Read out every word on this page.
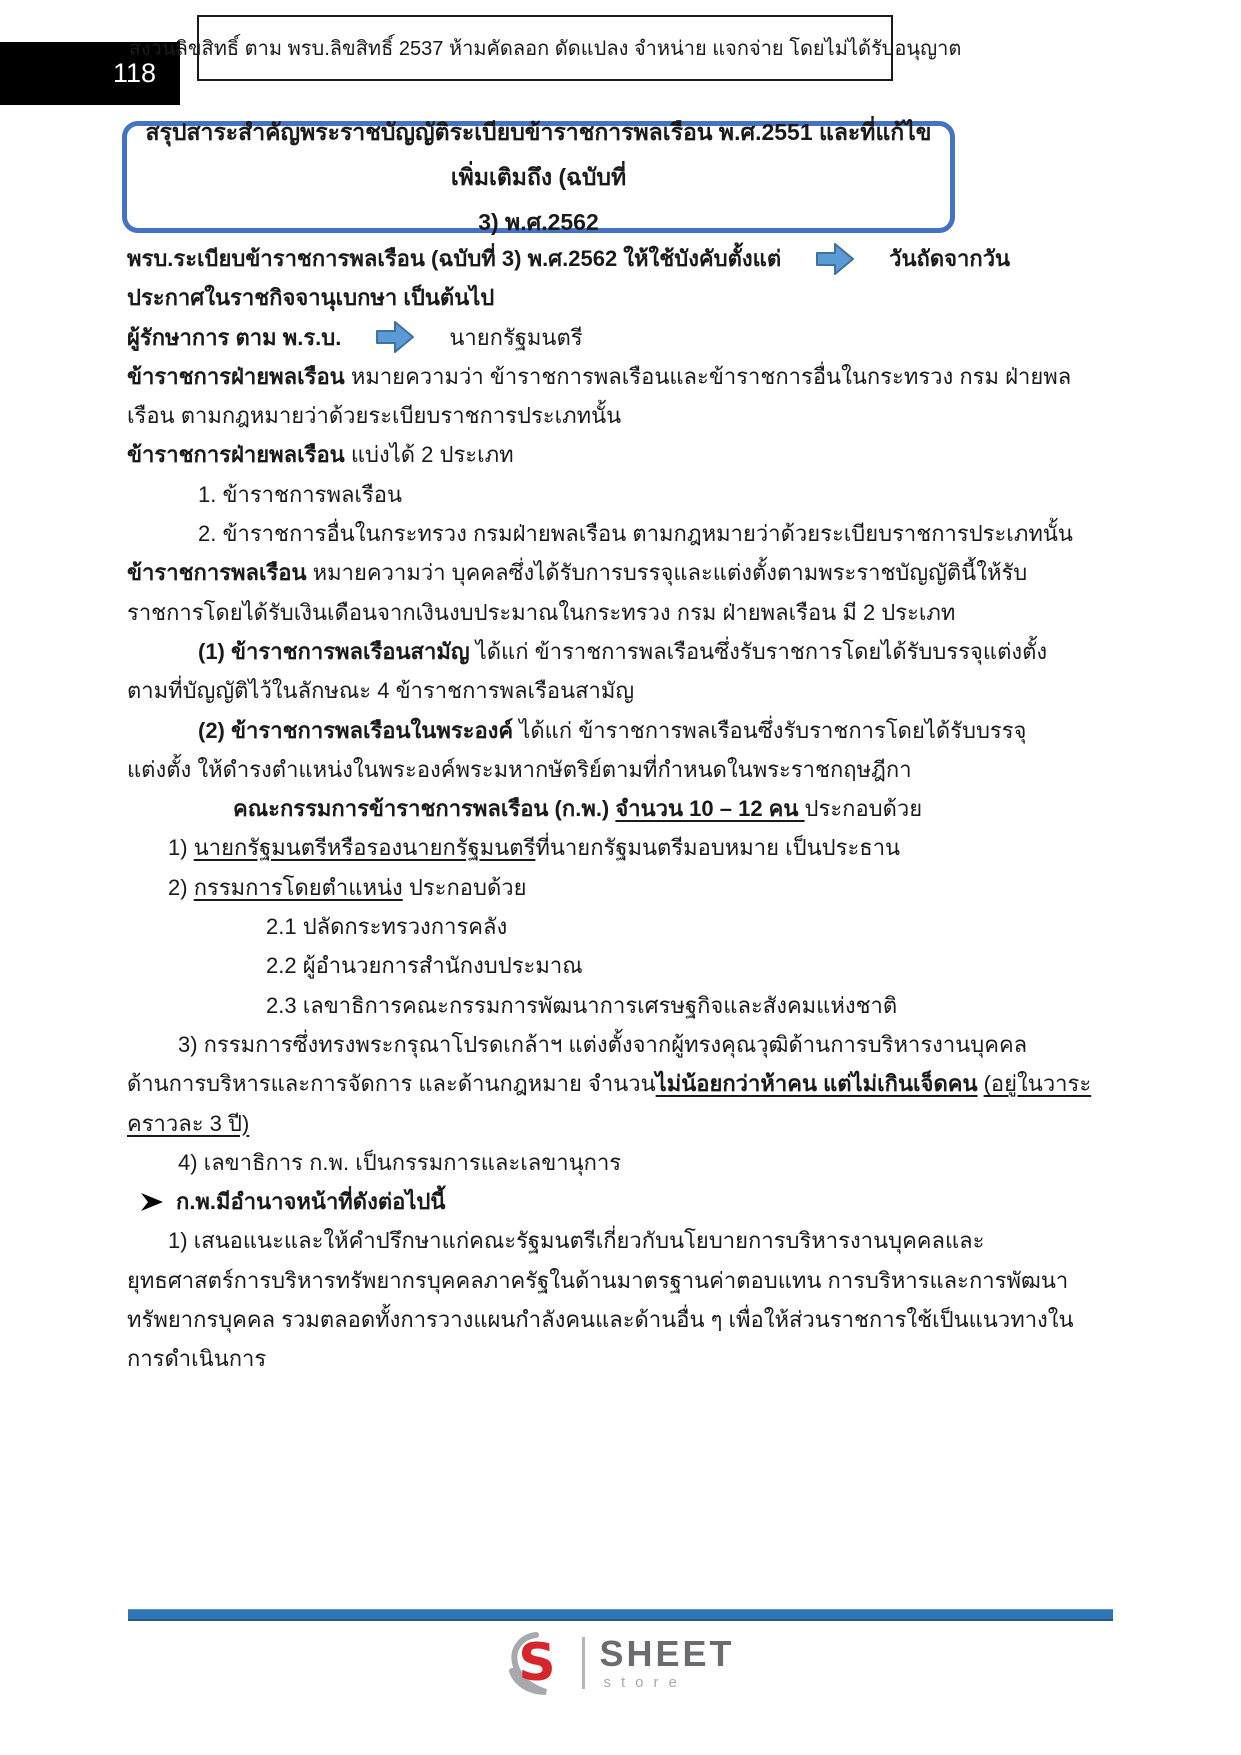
118
สงวนลิขสิทธิ์ ตาม พรบ.ลิขสิทธิ์ 2537 ห้ามคัดลอก ดัดแปลง จำหน่าย แจกจ่าย โดยไม่ได้รับอนุญาต
สรุปสาระสำคัญพระราชบัญญัติระเบียบข้าราชการพลเรือน พ.ศ.2551 และที่แก้ไขเพิ่มเติมถึง (ฉบับที่
3) พ.ศ.2562
พรบ.ระเบียบข้าราชการพลเรือน (ฉบับที่ 3) พ.ศ.2562 ให้ใช้บังคับตั้งแต่	วันถัดจากวัน
ประกาศในราชกิจจานุเบกษา เป็นต้นไป
ผู้รักษาการ ตาม พ.ร.บ.	นายกรัฐมนตรี
ข้าราชการฝ่ายพลเรือน หมายความว่า ข้าราชการพลเรือนและข้าราชการอื่นในกระทรวง กรม ฝ่ายพล
เรือน ตามกฎหมายว่าด้วยระเบียบราชการประเภทนั้น
ข้าราชการฝ่ายพลเรือน แบ่งได้ 2 ประเภท
1. ข้าราชการพลเรือน
2. ข้าราชการอื่นในกระทรวง กรมฝ่ายพลเรือน ตามกฎหมายว่าด้วยระเบียบราชการประเภทนั้น
ข้าราชการพลเรือน หมายความว่า บุคคลซึ่งได้รับการบรรจุและแต่งตั้งตามพระราชบัญญัตินี้ให้รับ
ราชการโดยได้รับเงินเดือนจากเงินงบประมาณในกระทรวง กรม ฝ่ายพลเรือน มี 2 ประเภท
(1) ข้าราชการพลเรือนสามัญ ได้แก่ ข้าราชการพลเรือนซึ่งรับราชการโดยได้รับบรรจุแต่งตั้ง
ตามที่บัญญัติไว้ในลักษณะ 4 ข้าราชการพลเรือนสามัญ
(2) ข้าราชการพลเรือนในพระองค์ ได้แก่ ข้าราชการพลเรือนซึ่งรับราชการโดยได้รับบรรจุ
แต่งตั้ง ให้ดำรงตำแหน่งในพระองค์พระมหากษัตริย์ตามที่กำหนดในพระราชกฤษฎีกา
คณะกรรมการข้าราชการพลเรือน (ก.พ.) จำนวน 10 – 12 คน ประกอบด้วย
1) นายกรัฐมนตรีหรือรองนายกรัฐมนตรี ที่นายกรัฐมนตรีมอบหมาย เป็นประธาน
2) กรรมการโดยตำแหน่ง ประกอบด้วย
2.1 ปลัดกระทรวงการคลัง
2.2 ผู้อำนวยการสำนักงบประมาณ
2.3 เลขาธิการคณะกรรมการพัฒนาการเศรษฐกิจและสังคมแห่งชาติ
3) กรรมการซึ่งทรงพระกรุณาโปรดเกล้าฯ แต่งตั้งจากผู้ทรงคุณวุฒิด้านการบริหารงานบุคคล
ด้านการบริหารและการจัดการ และด้านกฎหมาย จำนวน ไม่น้อยกว่าห้าคน แต่ไม่เกินเจ็ดคน
(อยู่ในวาระ
คราวละ 3 ปี)
4) เลขาธิการ ก.พ. เป็นกรรมการและเลขานุการ
ก.พ.มีอำนาจหน้าที่ดังต่อไปนี้
1) เสนอแนะและให้คำปรึกษาแก่คณะรัฐมนตรีเกี่ยวกับนโยบายการบริหารงานบุคคลและ
ยุทธศาสตร์การบริหารทรัพยากรบุคคลภาครัฐในด้านมาตรฐานค่าตอบแทน การบริหารและการพัฒนา
ทรัพยากรบุคคล รวมตลอดทั้งการวางแผนกำลังคนและด้านอื่น ๆ เพื่อให้ส่วนราชการใช้เป็นแนวทางใน
การดำเนินการ
S SHEET
store
